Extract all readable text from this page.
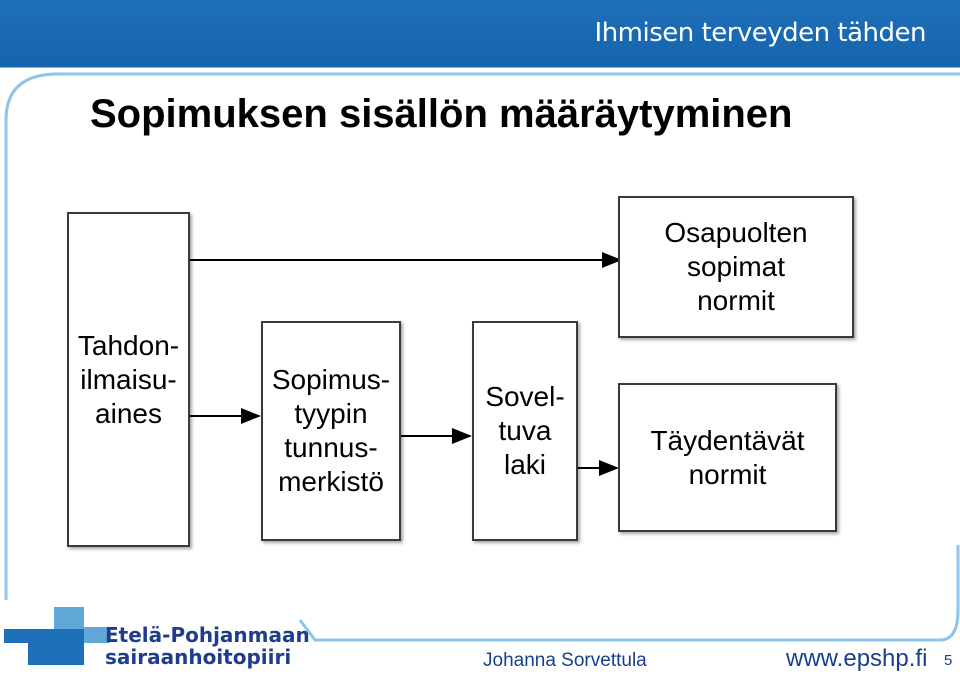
Ihmisen terveyden tähden
Sopimuksen sisällön määräytyminen
Tahdon-
ilmaisu-
aines
Sopimus-
tyypin
tunnus-
merkistö
Sovel-
tuva
laki
Osapuolten
sopimat
normit
Täydentävät
normit
Etelä-Pohjanmaan
sairaanhoitopiiri	Johanna Sorvettula	www.epshp.fi 5
